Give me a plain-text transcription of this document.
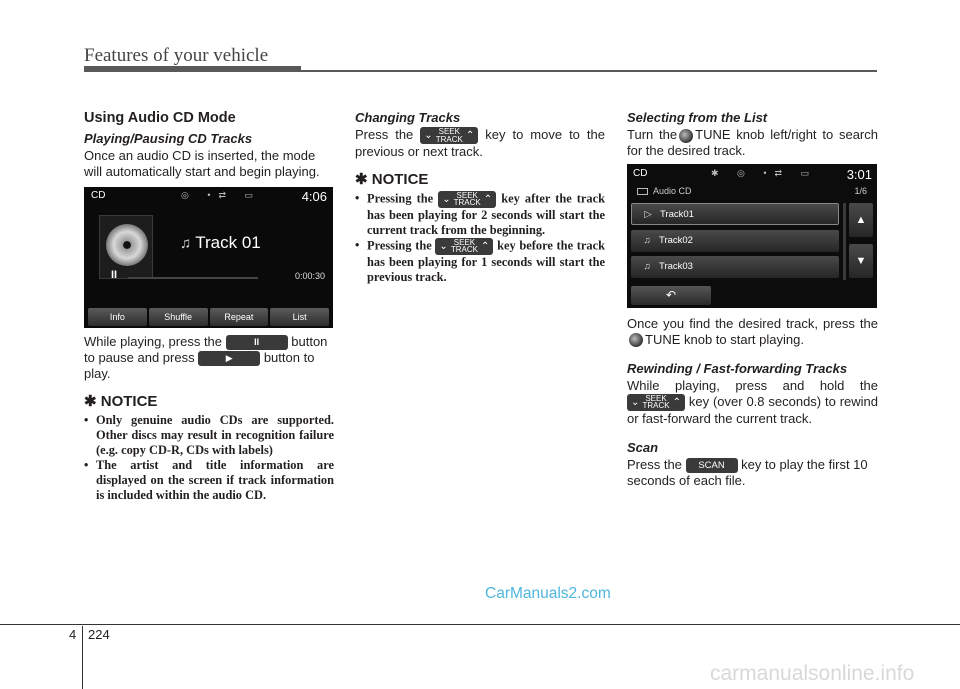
Features of your vehicle
Using Audio CD Mode
Playing/Pausing CD Tracks

Once an audio CD is inserted, the mode will automatically start and begin playing.

CD	◎ •⇄ ▭	4:06
♫ Track 01
II	0:00:30
Info	Shuffle	Repeat	List

While playing, press the	II button to pause and press	▶ button to play.

✱ NOTICE
• Only genuine audio CDs are supported. Other discs may result in recognition failure (e.g. copy CD-R, CDs with labels)
• The artist and title information are displayed on the screen if track information is included within the audio CD.
Changing Tracks

Press the ⌄ SEEK
TRACK ⌃ key to move to the previous or next track.

✱ NOTICE
• Pressing the ⌄ SEEK
TRACK ⌃ key after the track has been playing for 2 seconds will start the current track from the beginning.
• Pressing the ⌄ SEEK
TRACK ⌃ key before the track has been playing for 1 seconds will start the previous track.
Selecting from the List

Turn the TUNE knob left/right to search for the desired track.

CD	✱ ◎ •⇄ ▭ 3:01
Audio CD	1/6
▷ Track01
♫ Track02
♫ Track03
▲
▼
↶

Once you find the desired track, press theTUNE knob to start playing.

Rewinding / Fast-forwarding Tracks

While playing, press and hold the
⌄ SEEK
TRACK ⌃ key (over 0.8 seconds) to rewind or fast-forward the current track.

Scan

Press the SCAN key to play the first 10 seconds of each file.

CarManuals2.com
4 224
carmanualsonline.info
